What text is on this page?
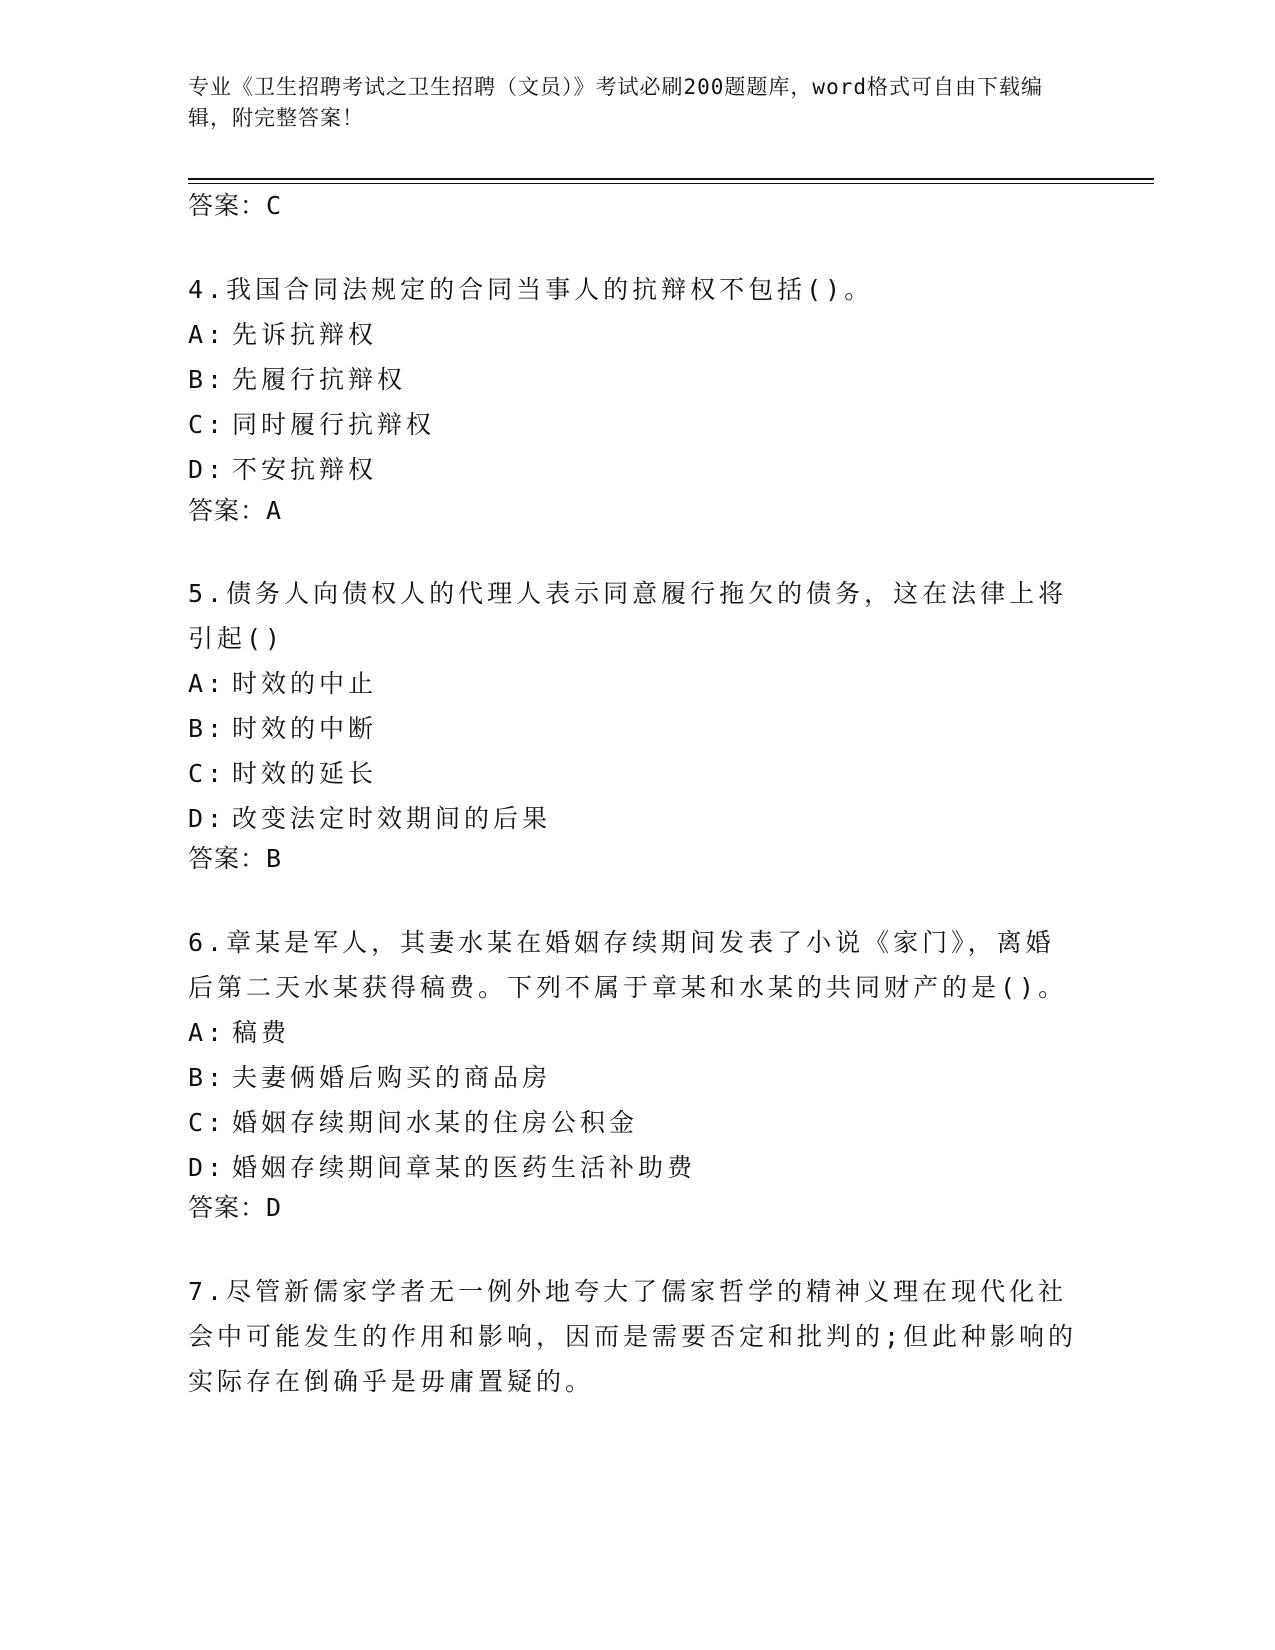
专业《卫生招聘考试之卫生招聘（文员）》考试必刷200题题库，word格式可自由下载编辑，附完整答案！
答案：C
4.我国合同法规定的合同当事人的抗辩权不包括()。
A: 先诉抗辩权
B: 先履行抗辩权
C: 同时履行抗辩权
D: 不安抗辩权
答案：A
5.债务人向债权人的代理人表示同意履行拖欠的债务，这在法律上将引起()
A: 时效的中止
B: 时效的中断
C: 时效的延长
D: 改变法定时效期间的后果
答案：B
6.章某是军人，其妻水某在婚姻存续期间发表了小说《家门》，离婚后第二天水某获得稿费。下列不属于章某和水某的共同财产的是()。
A: 稿费
B: 夫妻俩婚后购买的商品房
C: 婚姻存续期间水某的住房公积金
D: 婚姻存续期间章某的医药生活补助费
答案：D
7.尽管新儒家学者无一例外地夸大了儒家哲学的精神义理在现代化社会中可能发生的作用和影响，因而是需要否定和批判的;但此种影响的实际存在倒确乎是毋庸置疑的。
